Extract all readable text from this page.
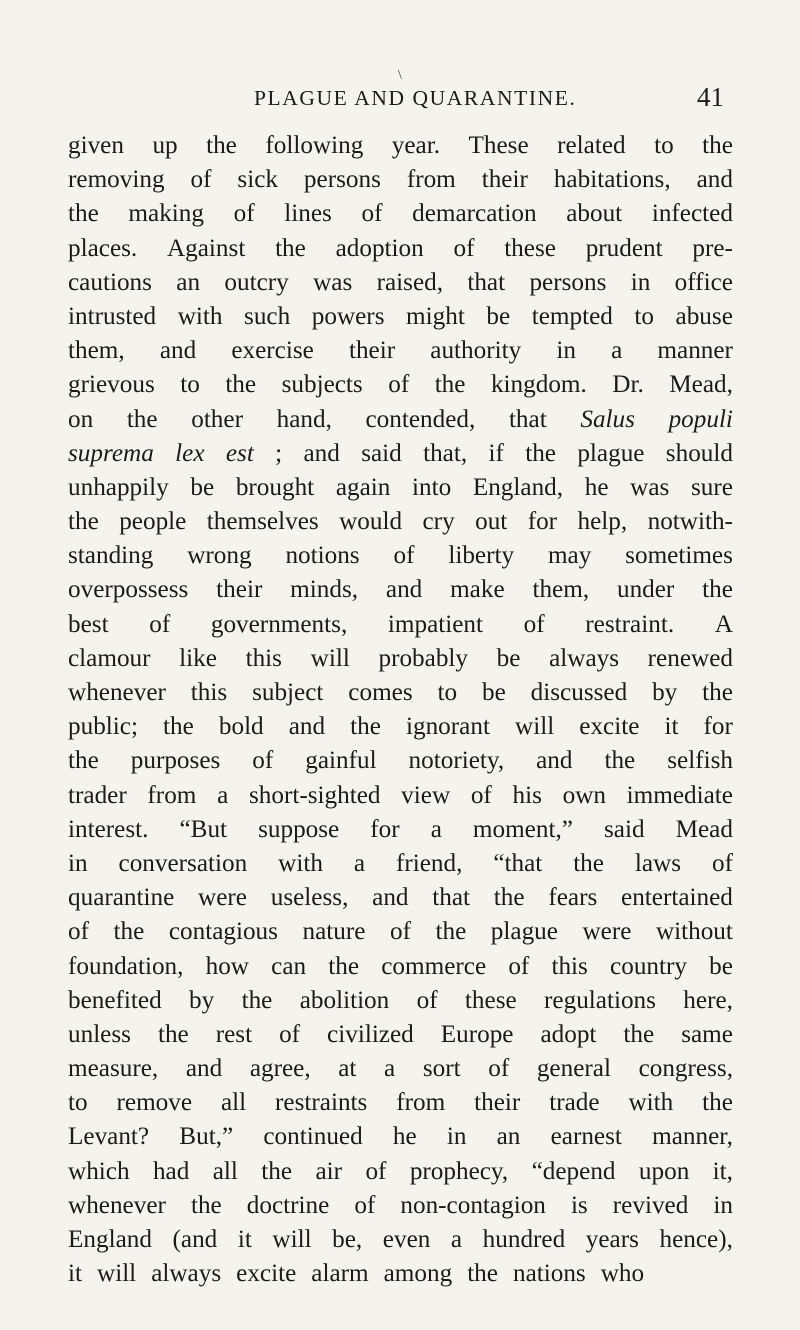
\
PLAGUE AND QUARANTINE.	41
given up the following year. These related to the
removing of sick persons from their habitations, and
the making of lines of demarcation about infected
places. Against the adoption of these prudent pre-
cautions an outcry was raised, that persons in office
intrusted with such powers might be tempted to abuse
them, and exercise their authority in a manner
grievous to the subjects of the kingdom. Dr. Mead,
on the other hand, contended, that Salus populi
suprema lex est ; and said that, if the plague should
unhappily be brought again into England, he was sure
the people themselves would cry out for help, notwith-
standing wrong notions of liberty may sometimes
overpossess their minds, and make them, under the
best of governments, impatient of restraint. A
clamour like this will probably be always renewed
whenever this subject comes to be discussed by the
public; the bold and the ignorant will excite it for
the purposes of gainful notoriety, and the selfish
trader from a short-sighted view of his own immediate
interest. “But suppose for a moment,” said Mead
in conversation with a friend, “that the laws of
quarantine were useless, and that the fears entertained
of the contagious nature of the plague were without
foundation, how can the commerce of this country be
benefited by the abolition of these regulations here,
unless the rest of civilized Europe adopt the same
measure, and agree, at a sort of general congress,
to remove all restraints from their trade with the
Levant? But,” continued he in an earnest manner,
which had all the air of prophecy, “depend upon it,
whenever the doctrine of non-contagion is revived in
England (and it will be, even a hundred years hence),
it will always excite alarm among the nations who
